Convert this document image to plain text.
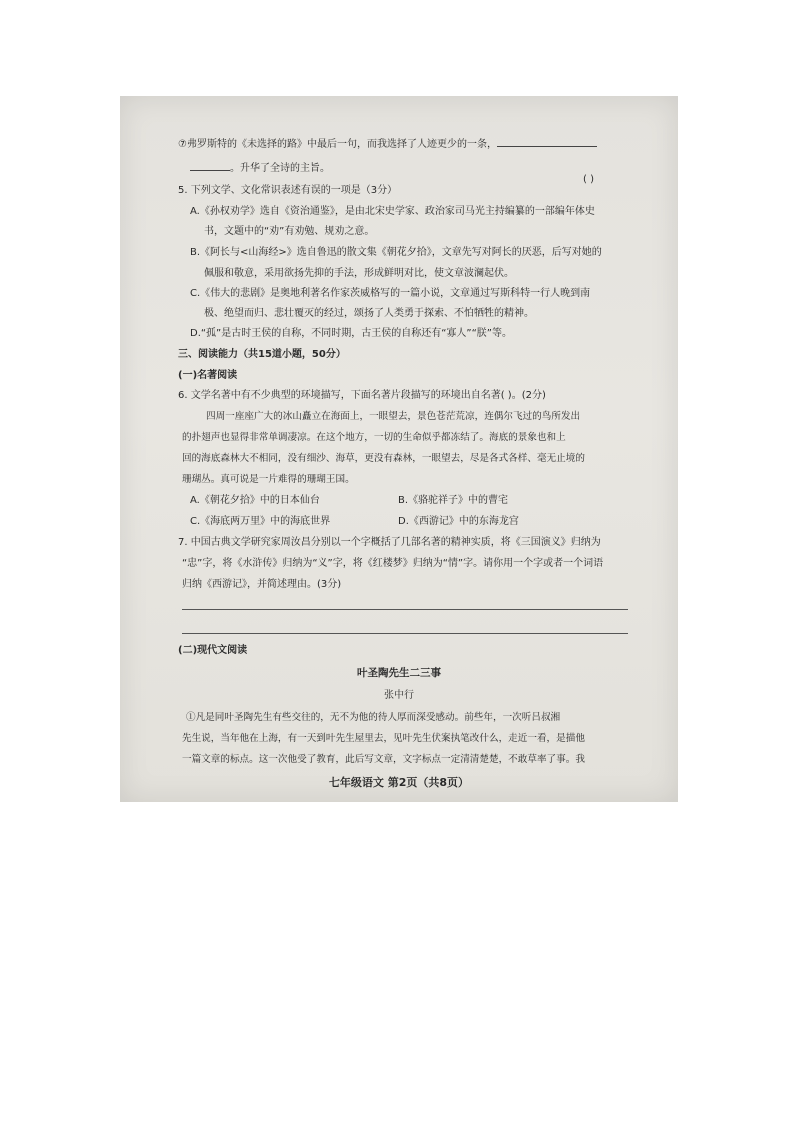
⑦弗罗斯特的《未选择的路》中最后一句，而我选择了人迹更少的一条，
。升华了全诗的主旨。
( )
5. 下列文学、文化常识表述有误的一项是（3分）
A.《孙权劝学》选自《资治通鉴》，是由北宋史学家、政治家司马光主持编纂的一部编年体史
书，文题中的“劝”有劝勉、规劝之意。
B.《阿长与<山海经>》选自鲁迅的散文集《朝花夕拾》，文章先写对阿长的厌恶，后写对她的
佩服和敬意，采用欲扬先抑的手法，形成鲜明对比，使文章波澜起伏。
C.《伟大的悲剧》是奥地利著名作家茨威格写的一篇小说，文章通过写斯科特一行人晚到南
极、绝望而归、悲壮覆灭的经过，颂扬了人类勇于探索、不怕牺牲的精神。
D.“孤”是古时王侯的自称，不同时期，古王侯的自称还有“寡人”“朕”等。
三、阅读能力（共15道小题，50分）
(一)名著阅读
6. 文学名著中有不少典型的环境描写，下面名著片段描写的环境出自名著( )。(2分)
四周一座座广大的冰山矗立在海面上，一眼望去，景色苍茫荒凉，连偶尔飞过的鸟所发出
的扑翅声也显得非常单调凄凉。在这个地方，一切的生命似乎都冻结了。海底的景象也和上
回的海底森林大不相同，没有细沙、海草，更没有森林，一眼望去，尽是各式各样、毫无止境的
珊瑚丛。真可说是一片难得的珊瑚王国。
A.《朝花夕拾》中的日本仙台	B.《骆驼祥子》中的曹宅
C.《海底两万里》中的海底世界	D.《西游记》中的东海龙宫
7. 中国古典文学研究家周汝昌分别以一个字概括了几部名著的精神实质，将《三国演义》归纳为
“忠”字，将《水浒传》归纳为“义”字，将《红楼梦》归纳为“情”字。请你用一个字或者一个词语
归纳《西游记》，并简述理由。(3分)
(二)现代文阅读
叶圣陶先生二三事
张中行
①凡是同叶圣陶先生有些交往的，无不为他的待人厚而深受感动。前些年，一次听吕叔湘
先生说，当年他在上海，有一天到叶先生屋里去，见叶先生伏案执笔改什么，走近一看，是描他
一篇文章的标点。这一次他受了教育，此后写文章，文字标点一定清清楚楚，不敢草率了事。我
七年级语文 第2页（共8页）
